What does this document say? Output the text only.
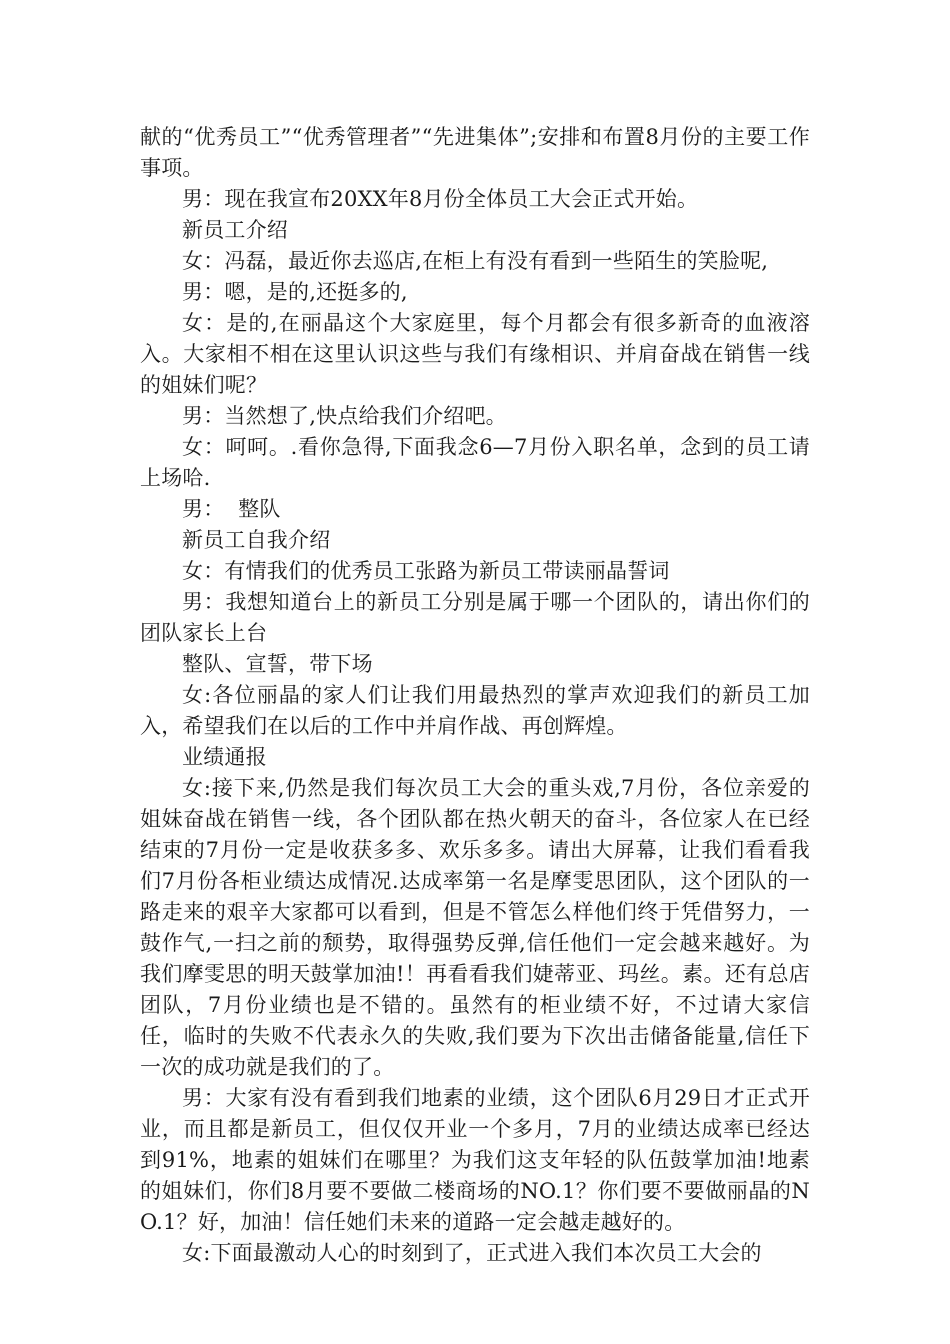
献的“优秀员工”“优秀管理者”“先进集体”;安排和布置8月份的主要工作事项。

男：现在我宣布20XX年8月份全体员工大会正式开始。

新员工介绍

女：冯磊，最近你去巡店,在柜上有没有看到一些陌生的笑脸呢,

男：嗯，是的,还挺多的,

女：是的,在丽晶这个大家庭里，每个月都会有很多新奇的血液溶入。大家相不相在这里认识这些与我们有缘相识、并肩奋战在销售一线的姐妹们呢？

男：当然想了,快点给我们介绍吧。

女：呵呵。.看你急得,下面我念6—7月份入职名单，念到的员工请上场哈.

男：  整队

新员工自我介绍

女：有情我们的优秀员工张路为新员工带读丽晶誓词

男：我想知道台上的新员工分别是属于哪一个团队的，请出你们的团队家长上台

整队、宣誓，带下场

女:各位丽晶的家人们让我们用最热烈的掌声欢迎我们的新员工加入，希望我们在以后的工作中并肩作战、再创辉煌。

业绩通报

女:接下来,仍然是我们每次员工大会的重头戏,7月份，各位亲爱的姐妹奋战在销售一线，各个团队都在热火朝天的奋斗，各位家人在已经结束的7月份一定是收获多多、欢乐多多。请出大屏幕，让我们看看我们7月份各柜业绩达成情况.达成率第一名是摩雯思团队，这个团队的一路走来的艰辛大家都可以看到，但是不管怎么样他们终于凭借努力，一鼓作气,一扫之前的颓势，取得强势反弹,信任他们一定会越来越好。为我们摩雯思的明天鼓掌加油!！再看看我们婕蒂亚、玛丝。素。还有总店团队，7月份业绩也是不错的。虽然有的柜业绩不好，不过请大家信任，临时的失败不代表永久的失败,我们要为下次出击储备能量,信任下一次的成功就是我们的了。

男：大家有没有看到我们地素的业绩，这个团队6月29日才正式开业，而且都是新员工，但仅仅开业一个多月，7月的业绩达成率已经达到91%，地素的姐妹们在哪里？为我们这支年轻的队伍鼓掌加油!地素的姐妹们，你们8月要不要做二楼商场的NO.1？你们要不要做丽晶的NO.1？好，加油！信任她们未来的道路一定会越走越好的。

女:下面最激动人心的时刻到了，正式进入我们本次员工大会的
